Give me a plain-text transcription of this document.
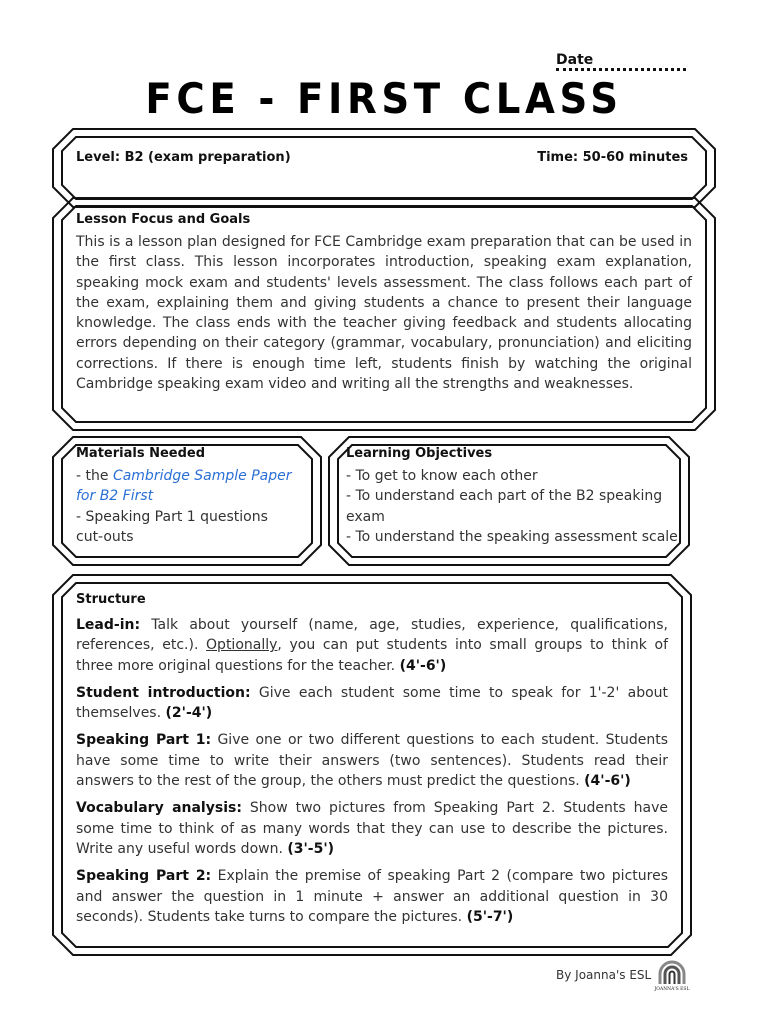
Date
FCE - FIRST CLASS
Level: B2 (exam preparation)	Time: 50-60 minutes
Lesson Focus and Goals
This is a lesson plan designed for FCE Cambridge exam preparation that can be used in the first class. This lesson incorporates introduction, speaking exam explanation, speaking mock exam and students' levels assessment. The class follows each part of the exam, explaining them and giving students a chance to present their language knowledge. The class ends with the teacher giving feedback and students allocating errors depending on their category (grammar, vocabulary, pronunciation) and eliciting corrections. If there is enough time left, students finish by watching the original Cambridge speaking exam video and writing all the strengths and weaknesses.
Materials Needed
- the Cambridge Sample Paper for B2 First
- Speaking Part 1 questions cut-outs
Learning Objectives
- To get to know each other
- To understand each part of the B2 speaking exam
- To understand the speaking assessment scale
Structure
Lead-in: Talk about yourself (name, age, studies, experience, qualifications, references, etc.). Optionally, you can put students into small groups to think of three more original questions for the teacher. (4'-6')
Student introduction: Give each student some time to speak for 1'-2' about themselves. (2'-4')
Speaking Part 1: Give one or two different questions to each student. Students have some time to write their answers (two sentences). Students read their answers to the rest of the group, the others must predict the questions. (4'-6')
Vocabulary analysis: Show two pictures from Speaking Part 2. Students have some time to think of as many words that they can use to describe the pictures. Write any useful words down. (3'-5')
Speaking Part 2: Explain the premise of speaking Part 2 (compare two pictures and answer the question in 1 minute + answer an additional question in 30 seconds). Students take turns to compare the pictures. (5'-7')
By Joanna's ESL
JOANNA'S ESL
